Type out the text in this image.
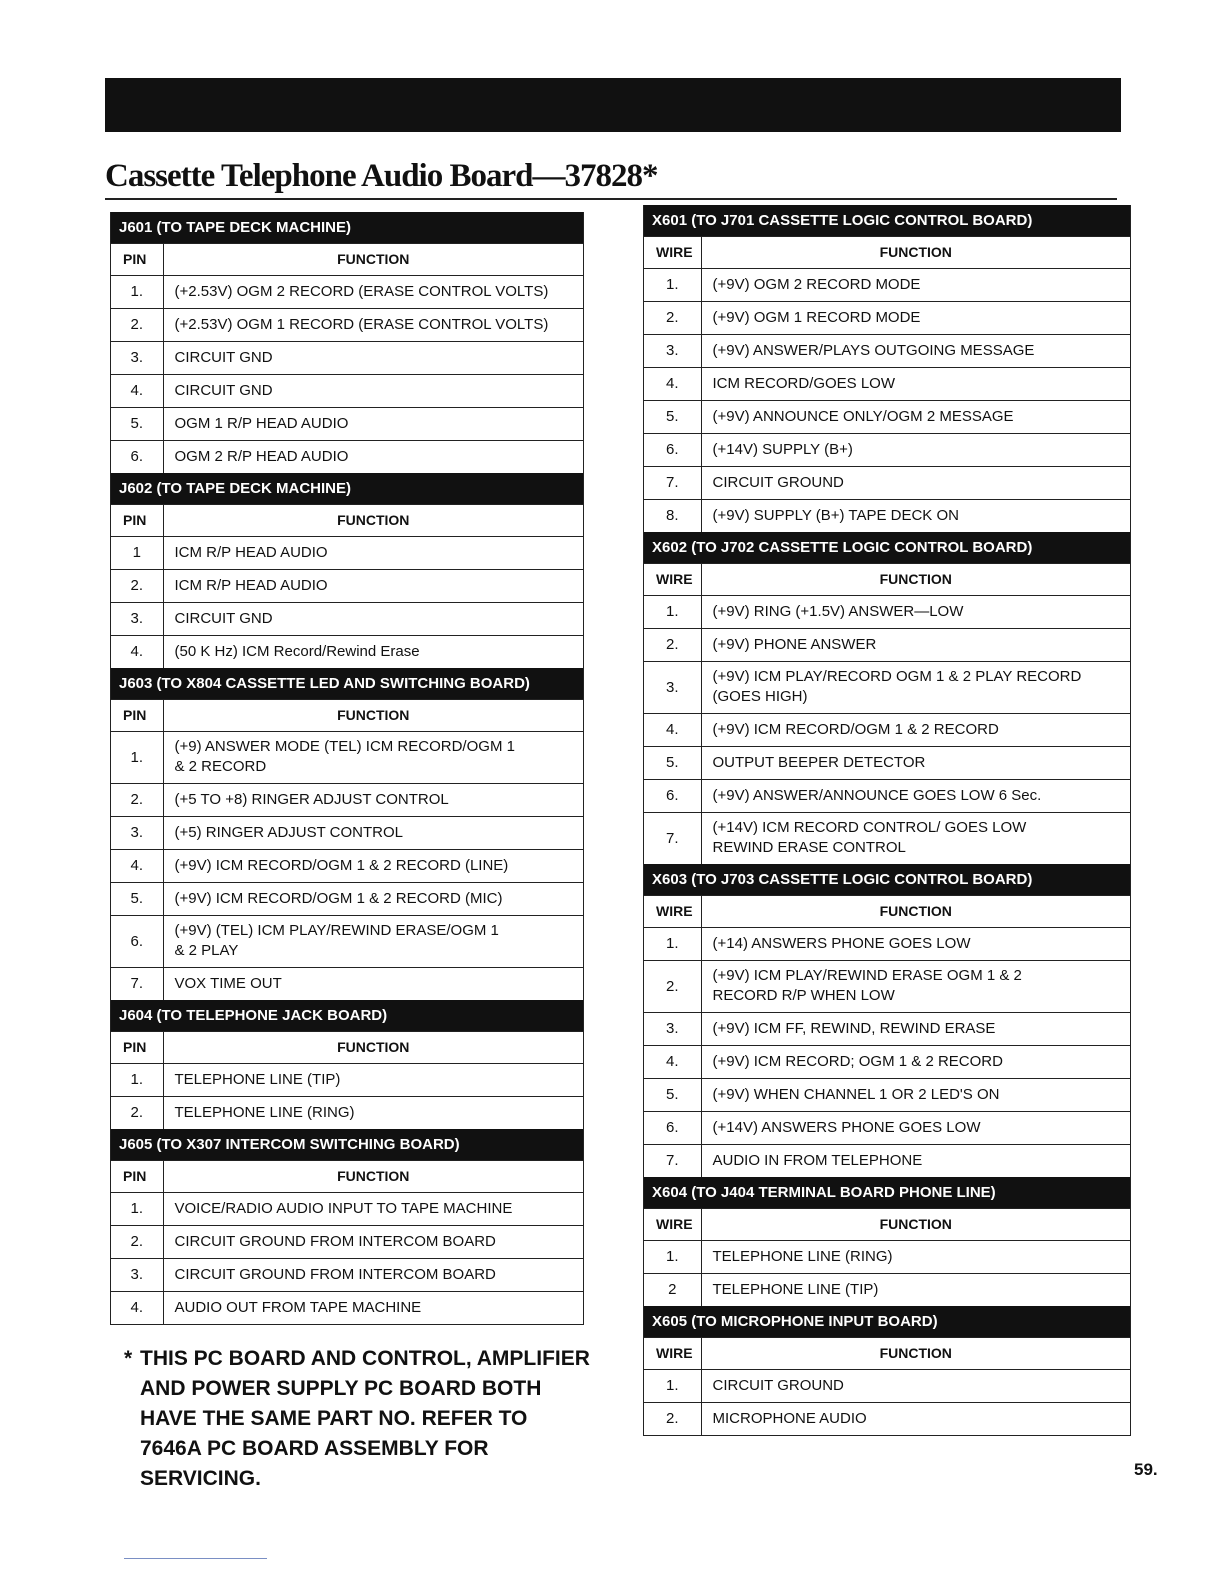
Cassette Telephone Audio Board—37828*
J601 (TO TAPE DECK MACHINE)	
PIN	FUNCTION
1.	(+2.53V) OGM 2 RECORD (ERASE CONTROL VOLTS)
2.	(+2.53V) OGM 1 RECORD (ERASE CONTROL VOLTS)
3.	CIRCUIT GND
4.	CIRCUIT GND
5.	OGM 1 R/P HEAD AUDIO
6.	OGM 2 R/P HEAD AUDIO
J602 (TO TAPE DECK MACHINE)	
PIN	FUNCTION
1	ICM R/P HEAD AUDIO
2.	ICM R/P HEAD AUDIO
3.	CIRCUIT GND
4.	(50 K Hz) ICM Record/Rewind Erase
J603 (TO X804 CASSETTE LED AND SWITCHING BOARD)	
PIN	FUNCTION
1.	(+9) ANSWER MODE (TEL) ICM RECORD/OGM 1 & 2 RECORD
2.	(+5 TO +8) RINGER ADJUST CONTROL
3.	(+5) RINGER ADJUST CONTROL
4.	(+9V) ICM RECORD/OGM 1 & 2 RECORD (LINE)
5.	(+9V) ICM RECORD/OGM 1 & 2 RECORD (MIC)
6.	(+9V) (TEL) ICM PLAY/REWIND ERASE/OGM 1 & 2 PLAY
7.	VOX TIME OUT
J604 (TO TELEPHONE JACK BOARD)	
PIN	FUNCTION
1.	TELEPHONE LINE (TIP)
2.	TELEPHONE LINE (RING)
J605 (TO X307 INTERCOM SWITCHING BOARD)	
PIN	FUNCTION
1.	VOICE/RADIO AUDIO INPUT TO TAPE MACHINE
2.	CIRCUIT GROUND FROM INTERCOM BOARD
3.	CIRCUIT GROUND FROM INTERCOM BOARD
4.	AUDIO OUT FROM TAPE MACHINE
X601 (TO J701 CASSETTE LOGIC CONTROL BOARD)	
WIRE	FUNCTION
1.	(+9V) OGM 2 RECORD MODE
2.	(+9V) OGM 1 RECORD MODE
3.	(+9V) ANSWER/PLAYS OUTGOING MESSAGE
4.	ICM RECORD/GOES LOW
5.	(+9V) ANNOUNCE ONLY/OGM 2 MESSAGE
6.	(+14V) SUPPLY (B+)
7.	CIRCUIT GROUND
8.	(+9V) SUPPLY (B+) TAPE DECK ON
X602 (TO J702 CASSETTE LOGIC CONTROL BOARD)	
WIRE	FUNCTION
1.	(+9V) RING (+1.5V) ANSWER—LOW
2.	(+9V) PHONE ANSWER
3.	(+9V) ICM PLAY/RECORD OGM 1 & 2 PLAY RECORD (GOES HIGH)
4.	(+9V) ICM RECORD/OGM 1 & 2 RECORD
5.	OUTPUT BEEPER DETECTOR
6.	(+9V) ANSWER/ANNOUNCE GOES LOW 6 Sec.
7.	(+14V) ICM RECORD CONTROL/ GOES LOW REWIND ERASE CONTROL
X603 (TO J703 CASSETTE LOGIC CONTROL BOARD)	
WIRE	FUNCTION
1.	(+14) ANSWERS PHONE GOES LOW
2.	(+9V) ICM PLAY/REWIND ERASE OGM 1 & 2 RECORD R/P WHEN LOW
3.	(+9V) ICM FF, REWIND, REWIND ERASE
4.	(+9V) ICM RECORD; OGM 1 & 2 RECORD
5.	(+9V) WHEN CHANNEL 1 OR 2 LED'S ON
6.	(+14V) ANSWERS PHONE GOES LOW
7.	AUDIO IN FROM TELEPHONE
X604 (TO J404 TERMINAL BOARD PHONE LINE)	
WIRE	FUNCTION
1.	TELEPHONE LINE (RING)
2	TELEPHONE LINE (TIP)
X605 (TO MICROPHONE INPUT BOARD)	
WIRE	FUNCTION
1.	CIRCUIT GROUND
2.	MICROPHONE AUDIO
* THIS PC BOARD AND CONTROL, AMPLIFIER AND POWER SUPPLY PC BOARD BOTH HAVE THE SAME PART NO. REFER TO 7646A PC BOARD ASSEMBLY FOR SERVICING.	59.
